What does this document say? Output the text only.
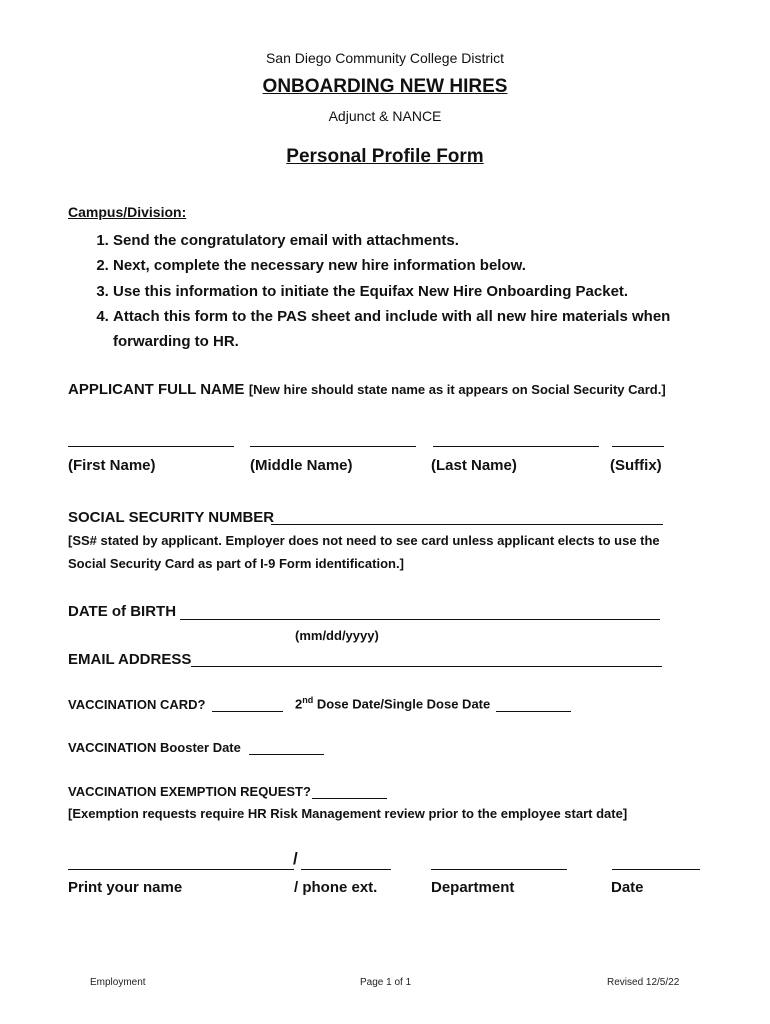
San Diego Community College District
ONBOARDING NEW HIRES
Adjunct & NANCE
Personal Profile Form
Campus/Division:
1. Send the congratulatory email with attachments.
2. Next, complete the necessary new hire information below.
3. Use this information to initiate the Equifax New Hire Onboarding Packet.
4. Attach this form to the PAS sheet and include with all new hire materials when forwarding to HR.
APPLICANT FULL NAME [New hire should state name as it appears on Social Security Card.]
(First Name)	(Middle Name)	(Last Name)	(Suffix)
SOCIAL SECURITY NUMBER
[SS# stated by applicant. Employer does not need to see card unless applicant elects to use the
Social Security Card as part of I-9 Form identification.]
DATE of BIRTH
(mm/dd/yyyy)
EMAIL ADDRESS
VACCINATION CARD?	2nd Dose Date/Single Dose Date
VACCINATION Booster Date
VACCINATION EXEMPTION REQUEST?
[Exemption requests require HR Risk Management review prior to the employee start date]
/
Print your name	/ phone ext.	Department	Date
Employment	Page 1 of 1	Revised 12/5/22
